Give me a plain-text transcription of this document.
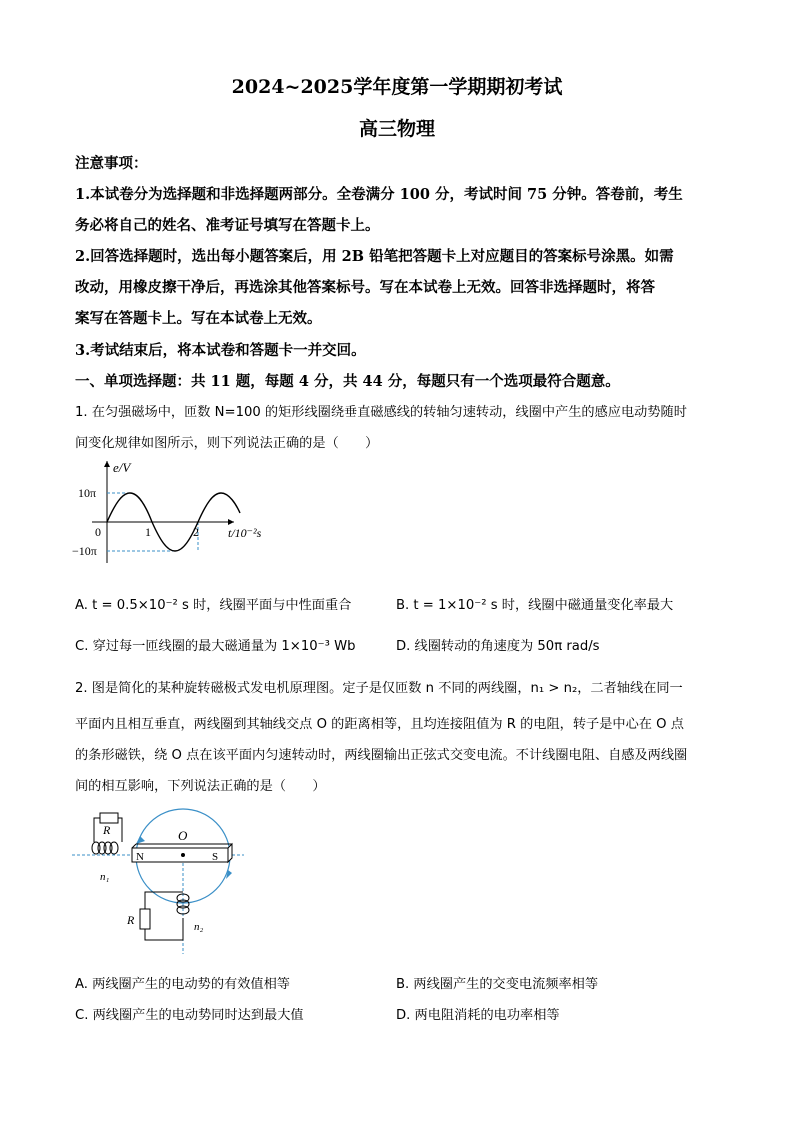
2024~2025学年度第一学期期初考试
高三物理
注意事项：
1.本试卷分为选择题和非选择题两部分。全卷满分 100 分，考试时间 75 分钟。答卷前，考生
务必将自己的姓名、准考证号填写在答题卡上。
2.回答选择题时，选出每小题答案后，用 2B 铅笔把答题卡上对应题目的答案标号涂黑。如需
改动，用橡皮擦干净后，再选涂其他答案标号。写在本试卷上无效。回答非选择题时，将答
案写在答题卡上。写在本试卷上无效。
3.考试结束后，将本试卷和答题卡一并交回。
一、单项选择题：共 11 题，每题 4 分，共 44 分，每题只有一个选项最符合题意。
1. 在匀强磁场中，匝数 N=100 的矩形线圈绕垂直磁感线的转轴匀速转动，线圈中产生的感应电动势随时
间变化规律如图所示，则下列说法正确的是（　　）
e/V
10π
−10π
0	1	2 t/10⁻²s
A. t = 0.5×10⁻² s 时，线圈平面与中性面重合	B. t = 1×10⁻² s 时，线圈中磁通量变化率最大
C. 穿过每一匝线圈的最大磁通量为 1×10⁻³ Wb	D. 线圈转动的角速度为 50π rad/s
2. 图是简化的某种旋转磁极式发电机原理图。定子是仅匝数 n 不同的两线圈，n₁ > n₂，二者轴线在同一
平面内且相互垂直，两线圈到其轴线交点 O 的距离相等，且均连接阻值为 R 的电阻，转子是中心在 O 点
的条形磁铁，绕 O 点在该平面内匀速转动时，两线圈输出正弦式交变电流。不计线圈电阻、自感及两线圈
间的相互影响，下列说法正确的是（　　）
N	S
O
R
n₁
R	n₂
A. 两线圈产生的电动势的有效值相等	B. 两线圈产生的交变电流频率相等
C. 两线圈产生的电动势同时达到最大值	D. 两电阻消耗的电功率相等
